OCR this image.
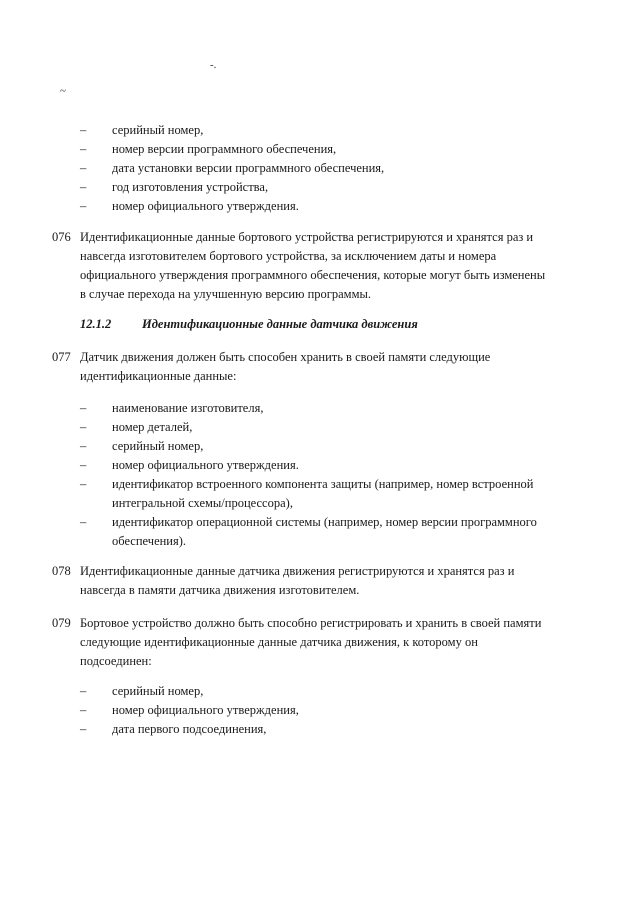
-.
~
– серийный номер,
– номер версии программного обеспечения,
– дата установки версии программного обеспечения,
– год изготовления устройства,
– номер официального утверждения.
076 Идентификационные данные бортового устройства регистрируются и хранятся раз и навсегда изготовителем бортового устройства, за исключением даты и номера официального утверждения программного обеспечения, которые могут быть изменены в случае перехода на улучшенную версию программы.
12.1.2 Идентификационные данные датчика движения
077 Датчик движения должен быть способен хранить в своей памяти следующие идентификационные данные:
– наименование изготовителя,
– номер деталей,
– серийный номер,
– номер официального утверждения.
– идентификатор встроенного компонента защиты (например, номер встроенной интегральной схемы/процессора),
– идентификатор операционной системы (например, номер версии программного обеспечения).
078 Идентификационные данные датчика движения регистрируются и хранятся раз и навсегда в памяти датчика движения изготовителем.
079 Бортовое устройство должно быть способно регистрировать и хранить в своей памяти следующие идентификационные данные датчика движения, к которому он подсоединен:
– серийный номер,
– номер официального утверждения,
– дата первого подсоединения,
